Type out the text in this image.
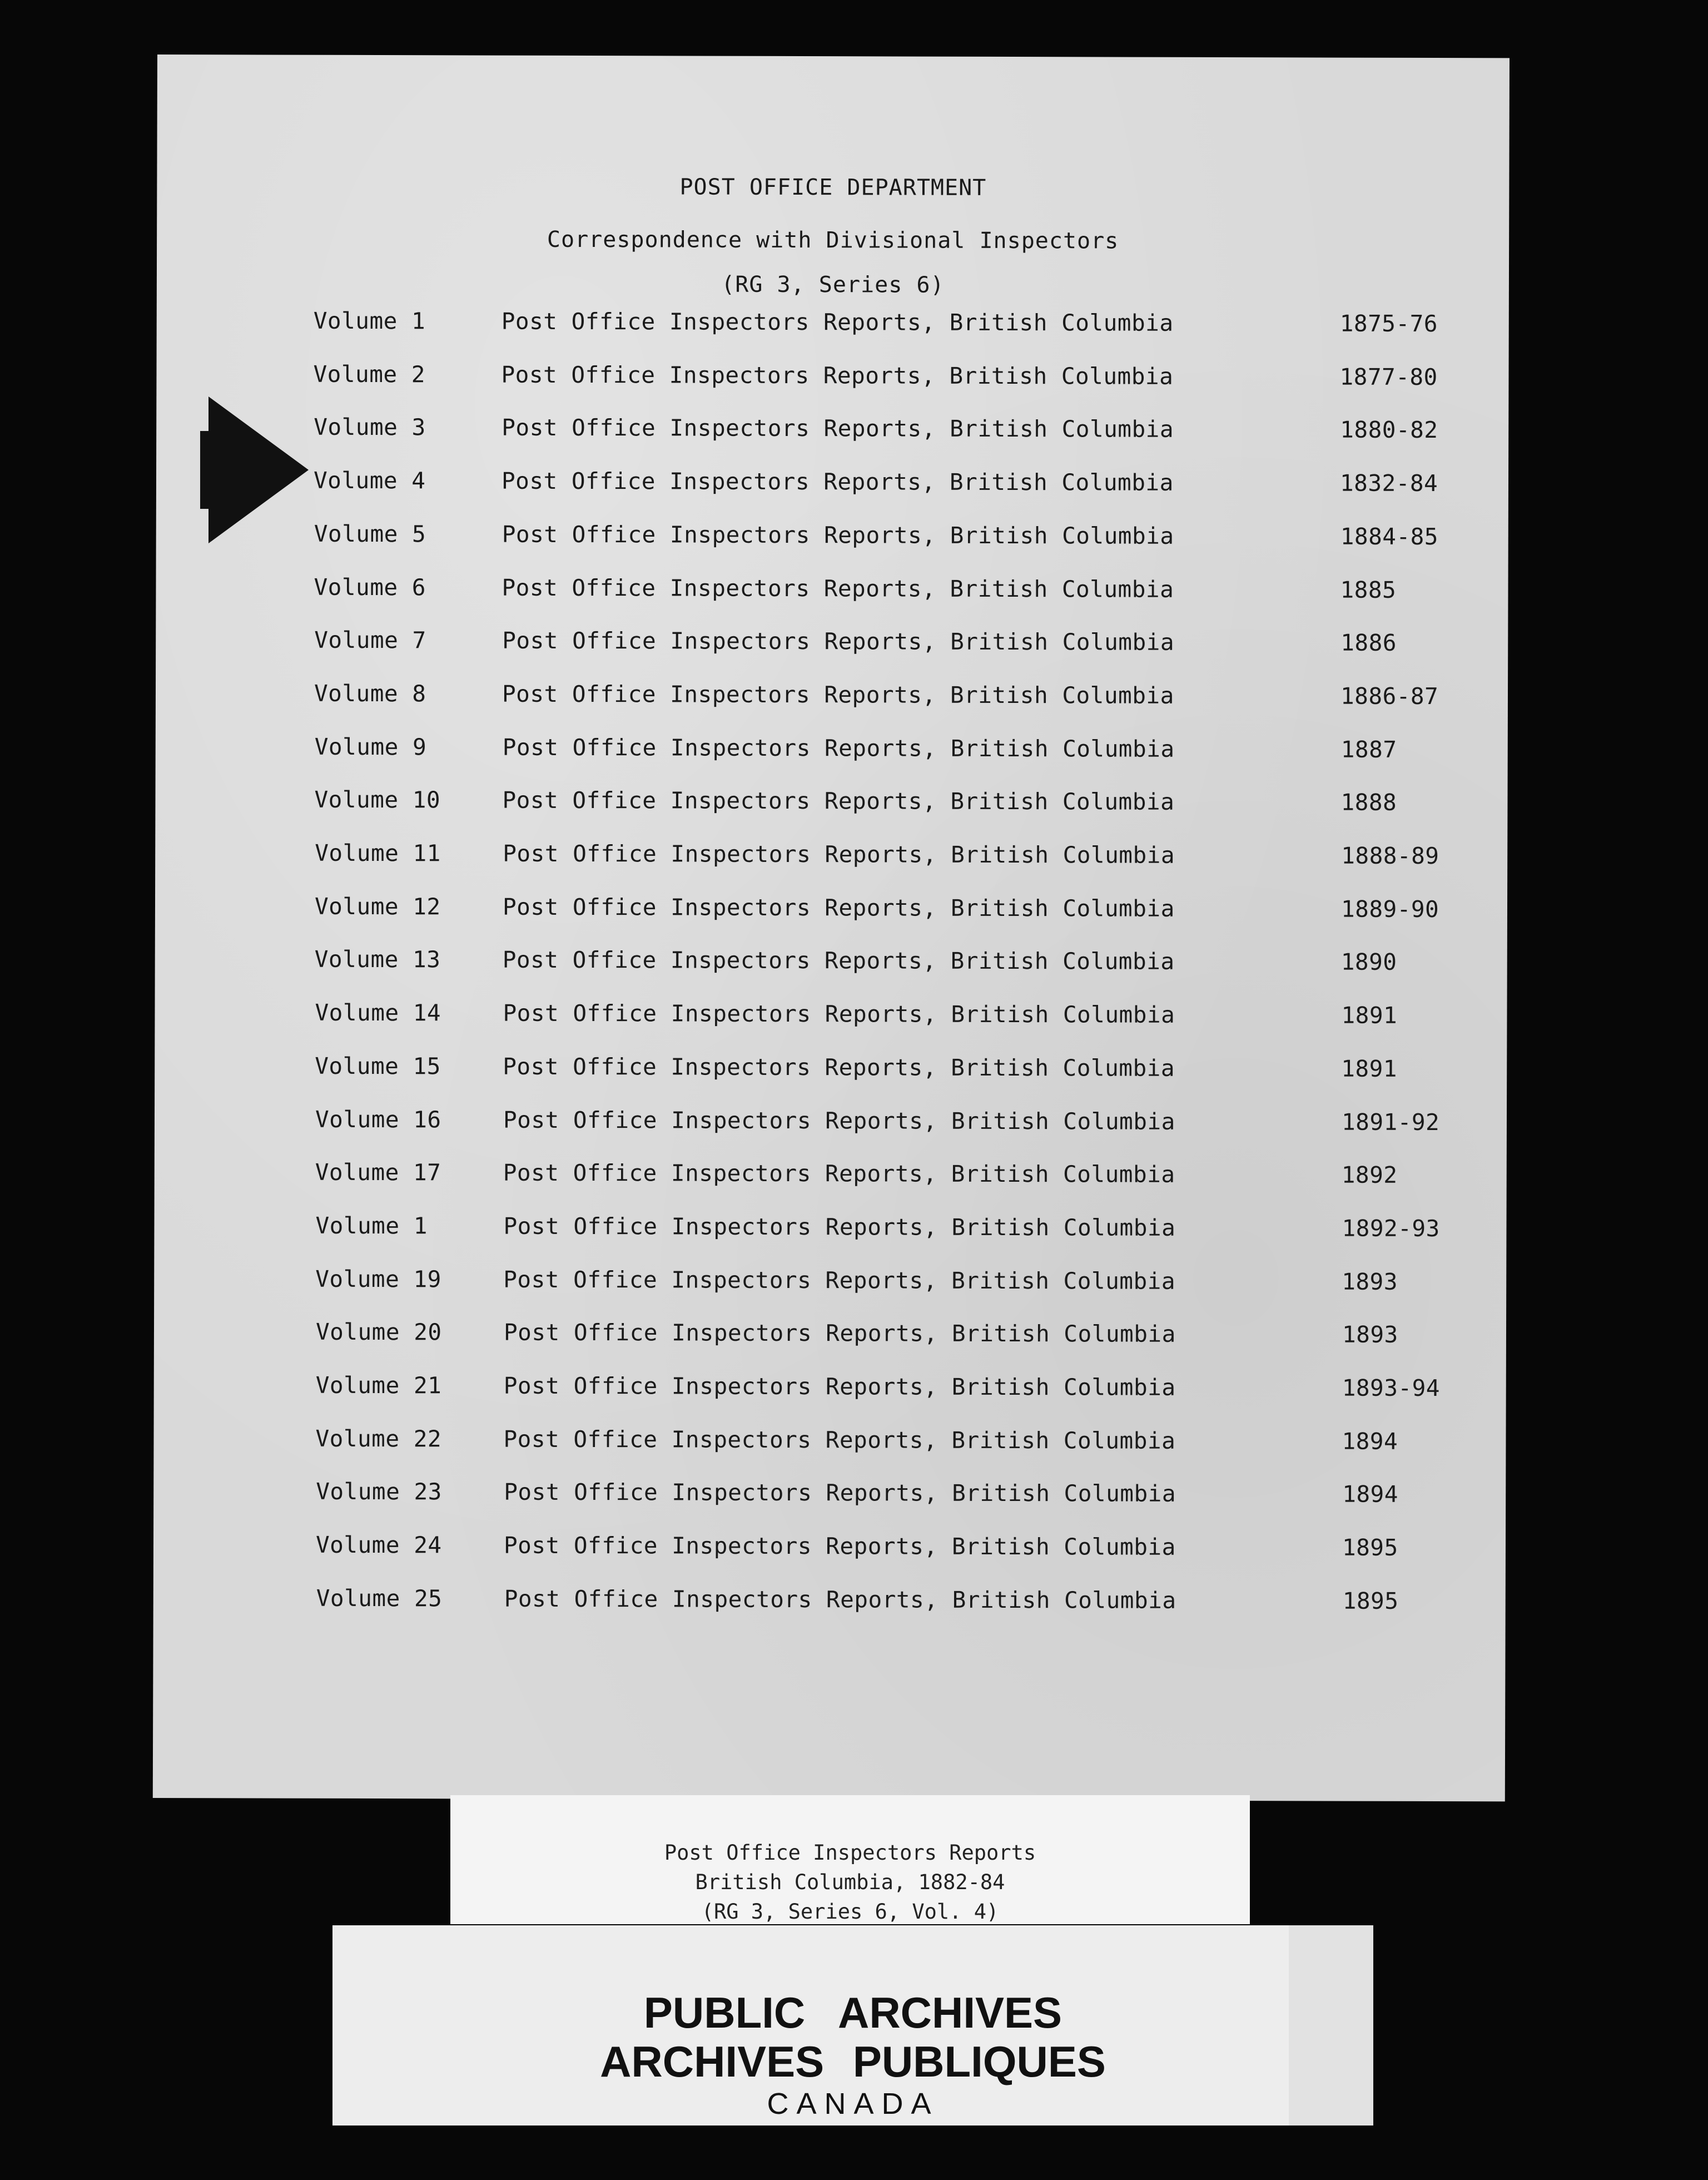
POST OFFICE DEPARTMENT
Correspondence with Divisional Inspectors
(RG 3, Series 6)
Volume 1	Post Office Inspectors Reports, British Columbia	1875-76
Volume 2	Post Office Inspectors Reports, British Columbia	1877-80
Volume 3	Post Office Inspectors Reports, British Columbia	1880-82
Volume 4	Post Office Inspectors Reports, British Columbia	1832-84
Volume 5	Post Office Inspectors Reports, British Columbia	1884-85
Volume 6	Post Office Inspectors Reports, British Columbia	1885
Volume 7	Post Office Inspectors Reports, British Columbia	1886
Volume 8	Post Office Inspectors Reports, British Columbia	1886-87
Volume 9	Post Office Inspectors Reports, British Columbia	1887
Volume 10	Post Office Inspectors Reports, British Columbia	1888
Volume 11	Post Office Inspectors Reports, British Columbia	1888-89
Volume 12	Post Office Inspectors Reports, British Columbia	1889-90
Volume 13	Post Office Inspectors Reports, British Columbia	1890
Volume 14	Post Office Inspectors Reports, British Columbia	1891
Volume 15	Post Office Inspectors Reports, British Columbia	1891
Volume 16	Post Office Inspectors Reports, British Columbia	1891-92
Volume 17	Post Office Inspectors Reports, British Columbia	1892
Volume 1	Post Office Inspectors Reports, British Columbia	1892-93
Volume 19	Post Office Inspectors Reports, British Columbia	1893
Volume 20	Post Office Inspectors Reports, British Columbia	1893
Volume 21	Post Office Inspectors Reports, British Columbia	1893-94
Volume 22	Post Office Inspectors Reports, British Columbia	1894
Volume 23	Post Office Inspectors Reports, British Columbia	1894
Volume 24	Post Office Inspectors Reports, British Columbia	1895
Volume 25	Post Office Inspectors Reports, British Columbia	1895
Post Office Inspectors Reports
British Columbia, 1882-84
(RG 3, Series 6, Vol. 4)
PUBLIC ARCHIVES
ARCHIVES PUBLIQUES
CANADA
